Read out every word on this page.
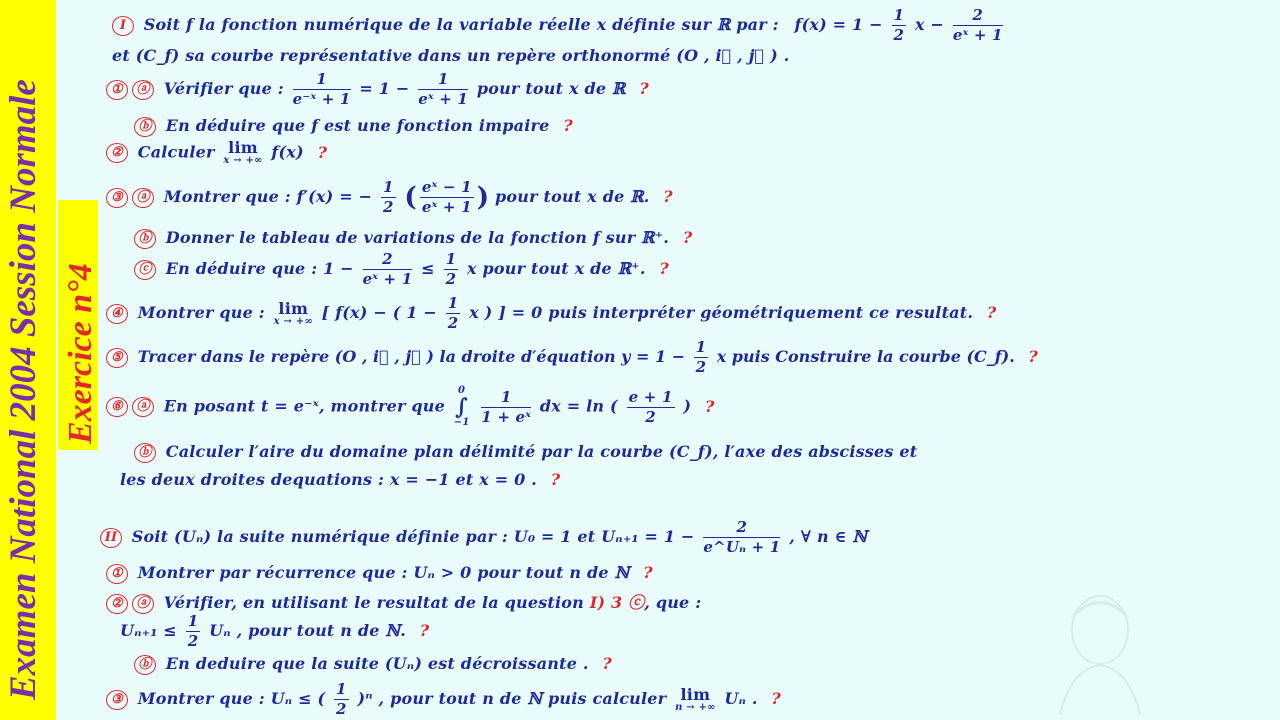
Examen National 2004 Session Normale Exercice n°4
I Soit f la fonction numérique de la variable réelle x définie sur ℝ par : $f(x) = 1 - \frac{1}{2}$ $x - \frac{2}{\text{eˣ + 1}}$
et (C_f) sa courbe représentative dans un repère orthonormé (O , i⃗ , j⃗ ) .
① ⓐ Vérifier que : $\frac{1}{\text{e⁻ˣ + 1}} = 1 - \frac{1}{\text{eˣ + 1}}$ pour tout x de ℝ ?
ⓑ En déduire que f est une fonction impaire ?
② Calculer lim
x → +∞ f(x) ?
③ ⓐ Montrer que : f′(x) = − $\frac{1}{2}$ ( $\frac{\text{eˣ − 1}}{\text{eˣ + 1}}$ ) pour tout x de ℝ. ?
ⓑ Donner le tableau de variations de la fonction f sur ℝ⁺. ?
ⓒ En déduire que : $1 - \frac{2}{\text{eˣ + 1}} \le \frac{1}{2}$ x pour tout x de ℝ⁺. ?
④ Montrer que : lim
x → +∞ [ f(x) − ( $1 - \frac{1}{2}$ x ) ] = 0 puis interpréter géométriquement ce resultat. ?
⑤ Tracer dans le repère (O , i⃗ , j⃗ ) la droite d′équation $y = 1 - \frac{1}{2}$ x puis Construire la courbe (C_f). ?
⑥ ⓐ En posant t = e⁻ˣ, montrer que
0
∫
−1
$\frac{1}{\text{1 + eˣ}}$ dx = ln ( $\frac{e + 1}{2}$ ) ?
ⓑ Calculer l′aire du domaine plan délimité par la courbe (C_f), l′axe des abscisses et
les deux droites dequations : x = −1 et x = 0 . ?
II Soit (Uₙ) la suite numérique définie par : U₀ = 1 et $U_{n+1} = 1 - \frac{2}{\text{e\textasciicircum{}Uₙ + 1}}$ , ∀ n ∈ ℕ
① Montrer par récurrence que : Uₙ > 0 pour tout n de ℕ ?
② ⓐ Vérifier, en utilisant le resultat de la question I) 3 ⓒ, que :
$U_{n+1} \le \frac{1}{2}$ Uₙ , pour tout n de ℕ. ?
ⓑ En deduire que la suite (Uₙ) est décroissante . ?
③ Montrer que : Uₙ ≤ ( $\frac{1}{2} )^n$ , pour tout n de ℕ puis calculer lim
n → +∞ Uₙ . ?
